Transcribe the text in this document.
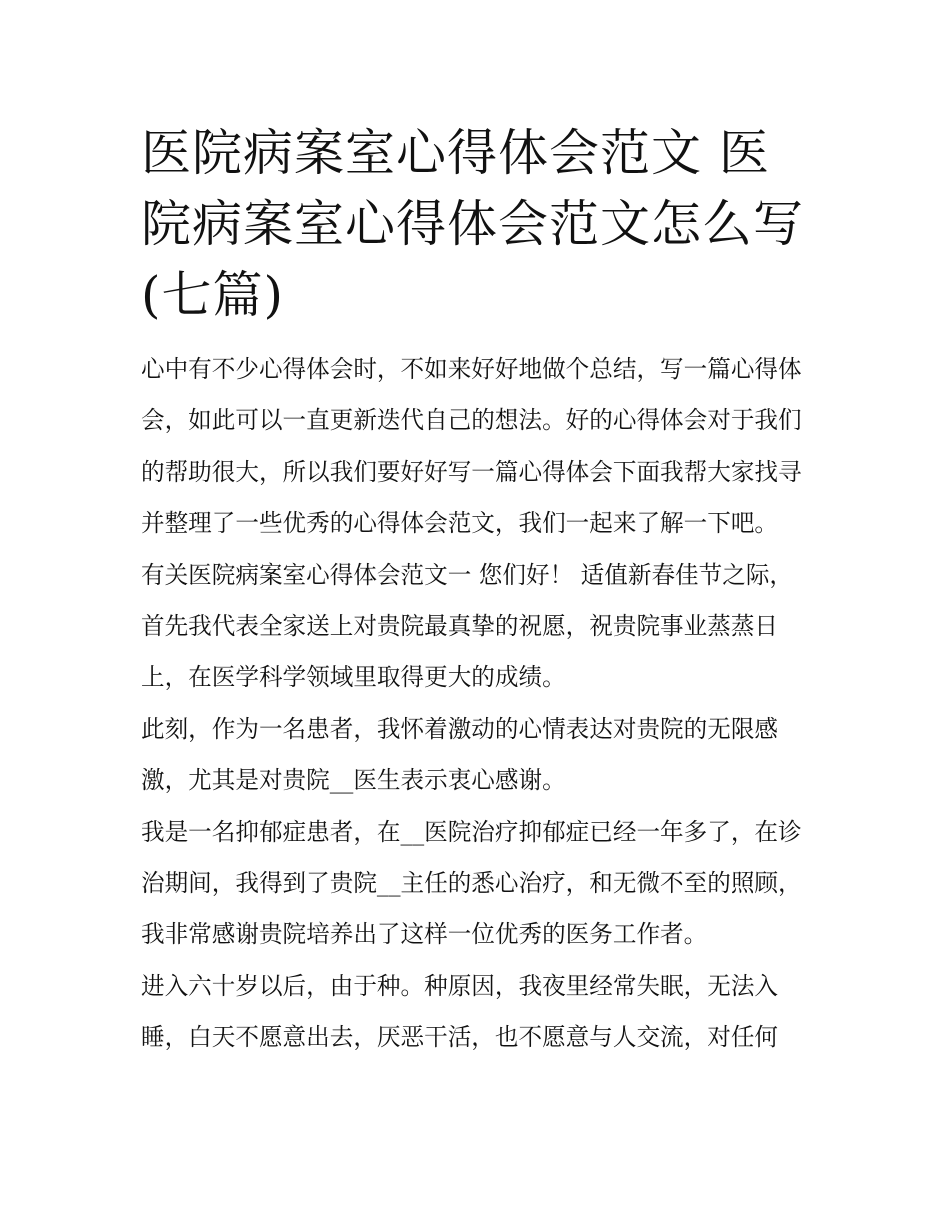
医院病案室心得体会范文 医院病案室心得体会范文怎么写(七篇)

心中有不少心得体会时，不如来好好地做个总结，写一篇心得体会，如此可以一直更新迭代自己的想法。好的心得体会对于我们的帮助很大，所以我们要好好写一篇心得体会下面我帮大家找寻并整理了一些优秀的心得体会范文，我们一起来了解一下吧。

有关医院病案室心得体会范文一 您们好！ 适值新春佳节之际，首先我代表全家送上对贵院最真挚的祝愿，祝贵院事业蒸蒸日上，在医学科学领域里取得更大的成绩。

此刻，作为一名患者，我怀着激动的心情表达对贵院的无限感激，尤其是对贵院__医生表示衷心感谢。

我是一名抑郁症患者，在__医院治疗抑郁症已经一年多了，在诊治期间，我得到了贵院__主任的悉心治疗，和无微不至的照顾，我非常感谢贵院培养出了这样一位优秀的医务工作者。

进入六十岁以后，由于种。种原因，我夜里经常失眠，无法入睡，白天不愿意出去，厌恶干活，也不愿意与人交流，对任何
